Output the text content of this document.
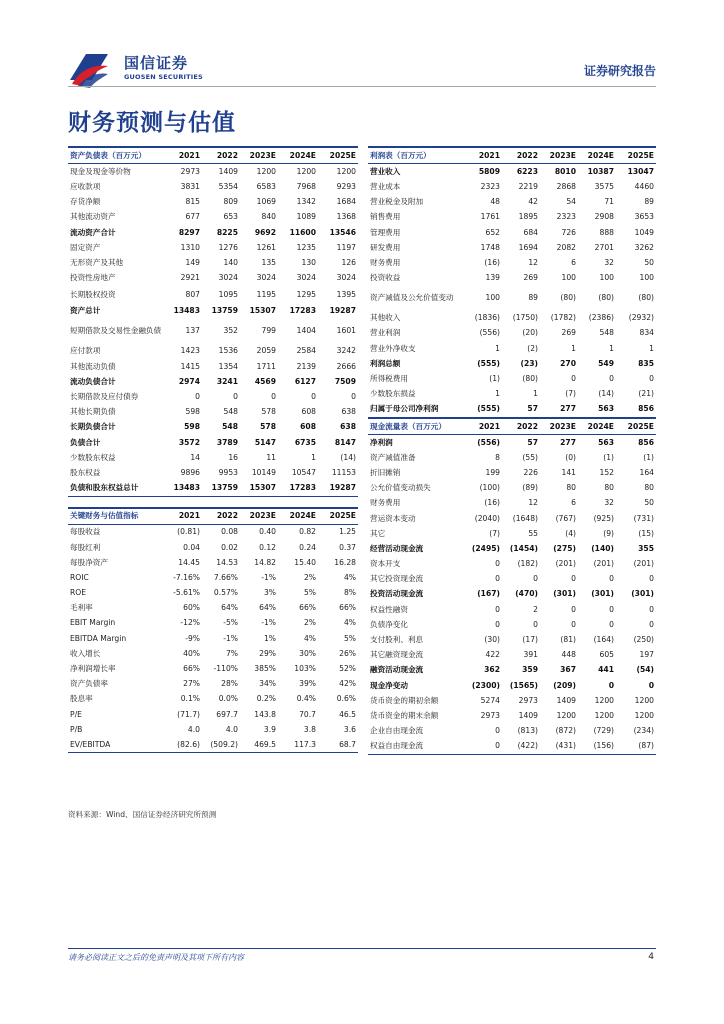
国信证券
GUOSEN SECURITIES	证券研究报告
财务预测与估值
资产负债表（百万元）	2021	2022	2023E	2024E	2025E
现金及现金等价物	2973	1409	1200	1200	1200
应收款项	3831	5354	6583	7968	9293
存货净额	815	809	1069	1342	1684
其他流动资产	677	653	840	1089	1368
流动资产合计	8297	8225	9692	11600	13546
固定资产	1310	1276	1261	1235	1197
无形资产及其他	149	140	135	130	126
投资性房地产	2921	3024	3024	3024	3024
长期股权投资	807	1095	1195	1295	1395
资产总计	13483	13759	15307	17283	19287
短期借款及交易性金融负债	137	352	799	1404	1601
应付款项	1423	1536	2059	2584	3242
其他流动负债	1415	1354	1711	2139	2666
流动负债合计	2974	3241	4569	6127	7509
长期借款及应付债券	0	0	0	0	0
其他长期负债	598	548	578	608	638
长期负债合计	598	548	578	608	638
负债合计	3572	3789	5147	6735	8147
少数股东权益	14	16	11	1	(14)
股东权益	9896	9953	10149	10547	11153
负债和股东权益总计	13483	13759	15307	17283	19287

关键财务与估值指标	2021	2022	2023E	2024E	2025E
每股收益	(0.81)	0.08	0.40	0.82	1.25
每股红利	0.04	0.02	0.12	0.24	0.37
每股净资产	14.45	14.53	14.82	15.40	16.28
ROIC	-7.16%	7.66%	-1%	2%	4%
ROE	-5.61%	0.57%	3%	5%	8%
毛利率	60%	64%	64%	66%	66%
EBIT Margin	-12%	-5%	-1%	2%	4%
EBITDA Margin	-9%	-1%	1%	4%	5%
收入增长	40%	7%	29%	30%	26%
净利润增长率	66%	-110%	385%	103%	52%
资产负债率	27%	28%	34%	39%	42%
股息率	0.1%	0.0%	0.2%	0.4%	0.6%
P/E	(71.7)	697.7	143.8	70.7	46.5
P/B	4.0	4.0	3.9	3.8	3.6
EV/EBITDA	(82.6)	(509.2)	469.5	117.3	68.7
利润表（百万元）	2021	2022	2023E	2024E	2025E
营业收入	5809	6223	8010	10387	13047
营业成本	2323	2219	2868	3575	4460
营业税金及附加	48	42	54	71	89
销售费用	1761	1895	2323	2908	3653
管理费用	652	684	726	888	1049
研发费用	1748	1694	2082	2701	3262
财务费用	(16)	12	6	32	50
投资收益	139	269	100	100	100
资产减值及公允价值变动	100	89	(80)	(80)	(80)
其他收入	(1836)	(1750)	(1782)	(2386)	(2932)
营业利润	(556)	(20)	269	548	834
营业外净收支	1	(2)	1	1	1
利润总额	(555)	(23)	270	549	835
所得税费用	(1)	(80)	0	0	0
少数股东损益	1	1	(7)	(14)	(21)
归属于母公司净利润	(555)	57	277	563	856
现金流量表（百万元）	2021	2022	2023E	2024E	2025E
净利润	(556)	57	277	563	856
资产减值准备	8	(55)	(0)	(1)	(1)
折旧摊销	199	226	141	152	164
公允价值变动损失	(100)	(89)	80	80	80
财务费用	(16)	12	6	32	50
营运资本变动	(2040)	(1648)	(767)	(925)	(731)
其它	(7)	55	(4)	(9)	(15)
经营活动现金流	(2495)	(1454)	(275)	(140)	355
资本开支	0	(182)	(201)	(201)	(201)
其它投资现金流	0	0	0	0	0
投资活动现金流	(167)	(470)	(301)	(301)	(301)
权益性融资	0	2	0	0	0
负债净变化	0	0	0	0	0
支付股利、利息	(30)	(17)	(81)	(164)	(250)
其它融资现金流	422	391	448	605	197
融资活动现金流	362	359	367	441	(54)
现金净变动	(2300)	(1565)	(209)	0	0
货币资金的期初余额	5274	2973	1409	1200	1200
货币资金的期末余额	2973	1409	1200	1200	1200
企业自由现金流	0	(813)	(872)	(729)	(234)
权益自由现金流	0	(422)	(431)	(156)	(87)
资料来源：Wind、国信证券经济研究所预测
请务必阅读正文之后的免责声明及其项下所有内容	4
